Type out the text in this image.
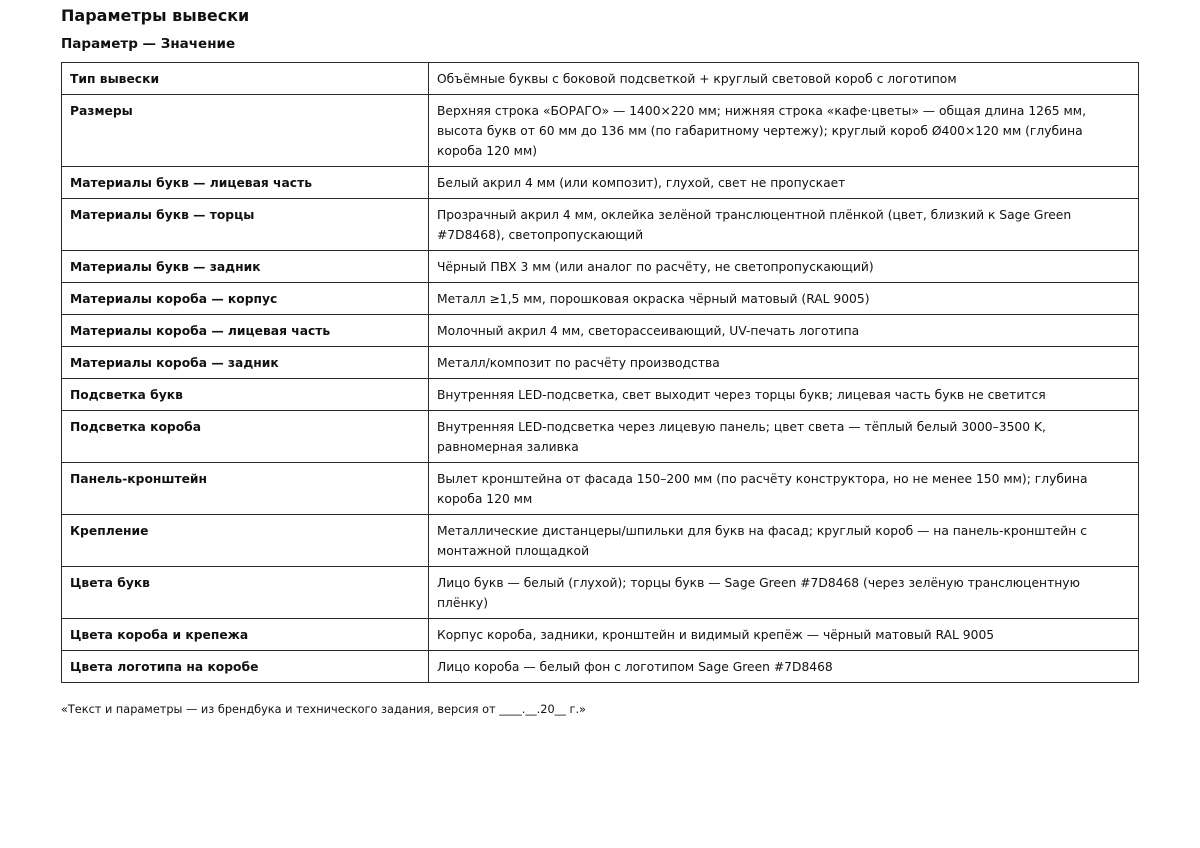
Параметры вывески
Параметр — Значение
Тип вывески	Объёмные буквы с боковой подсветкой + круглый световой короб с логотипом
Размеры	Верхняя строка «БОРАГО» — 1400×220 мм; нижняя строка «кафе·цветы» — общая длина 1265 мм, высота букв от 60 мм до 136 мм (по габаритному чертежу); круглый короб Ø400×120 мм (глубина короба 120 мм)
Материалы букв — лицевая часть	Белый акрил 4 мм (или композит), глухой, свет не пропускает
Материалы букв — торцы	Прозрачный акрил 4 мм, оклейка зелёной транслюцентной плёнкой (цвет, близкий к Sage Green #7D8468), светопропускающий
Материалы букв — задник	Чёрный ПВХ 3 мм (или аналог по расчёту, не светопропускающий)
Материалы короба — корпус	Металл ≥1,5 мм, порошковая окраска чёрный матовый (RAL 9005)
Материалы короба — лицевая часть	Молочный акрил 4 мм, светорассеивающий, UV-печать логотипа
Материалы короба — задник	Металл/композит по расчёту производства
Подсветка букв	Внутренняя LED-подсветка, свет выходит через торцы букв; лицевая часть букв не светится
Подсветка короба	Внутренняя LED-подсветка через лицевую панель; цвет света — тёплый белый 3000–3500 K, равномерная заливка
Панель-кронштейн	Вылет кронштейна от фасада 150–200 мм (по расчёту конструктора, но не менее 150 мм); глубина короба 120 мм
Крепление	Металлические дистанцеры/шпильки для букв на фасад; круглый короб — на панель-кронштейн с монтажной площадкой
Цвета букв	Лицо букв — белый (глухой); торцы букв — Sage Green #7D8468 (через зелёную транслюцентную плёнку)
Цвета короба и крепежа	Корпус короба, задники, кронштейн и видимый крепёж — чёрный матовый RAL 9005
Цвета логотипа на коробе	Лицо короба — белый фон с логотипом Sage Green #7D8468
«Текст и параметры — из брендбука и технического задания, версия от ____.__.20__ г.»
